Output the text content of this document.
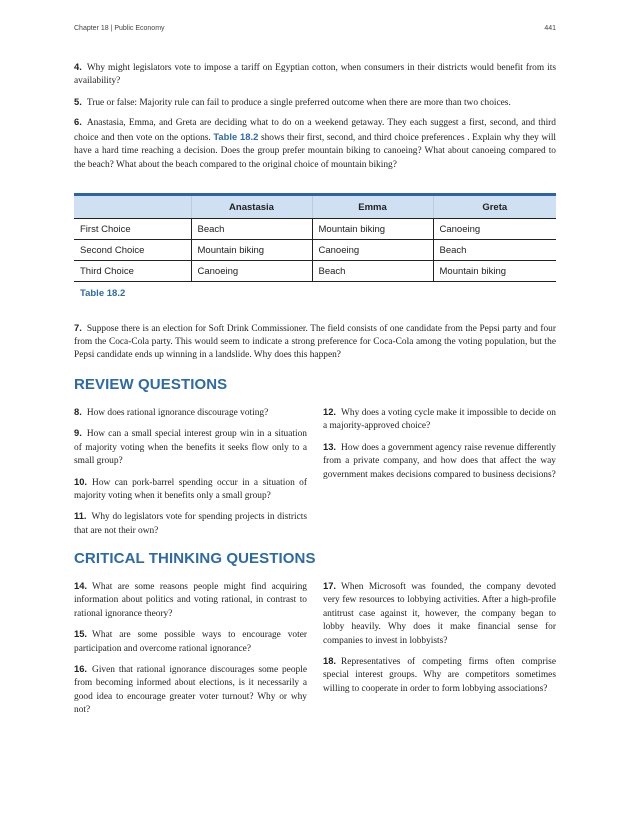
Chapter 18 | Public Economy	441
4. Why might legislators vote to impose a tariff on Egyptian cotton, when consumers in their districts would benefit from its availability?
5. True or false: Majority rule can fail to produce a single preferred outcome when there are more than two choices.
6. Anastasia, Emma, and Greta are deciding what to do on a weekend getaway. They each suggest a first, second, and third choice and then vote on the options. Table 18.2 shows their first, second, and third choice preferences . Explain why they will have a hard time reaching a decision. Does the group prefer mountain biking to canoeing? What about canoeing compared to the beach? What about the beach compared to the original choice of mountain biking?
	Anastasia	Emma	Greta
First Choice	Beach	Mountain biking	Canoeing
Second Choice	Mountain biking	Canoeing	Beach
Third Choice	Canoeing	Beach	Mountain biking
Table 18.2
7. Suppose there is an election for Soft Drink Commissioner. The field consists of one candidate from the Pepsi party and four from the Coca-Cola party. This would seem to indicate a strong preference for Coca-Cola among the voting population, but the Pepsi candidate ends up winning in a landslide. Why does this happen?
REVIEW QUESTIONS
8. How does rational ignorance discourage voting?
9. How can a small special interest group win in a situation of majority voting when the benefits it seeks flow only to a small group?
10. How can pork-barrel spending occur in a situation of majority voting when it benefits only a small group?
11. Why do legislators vote for spending projects in districts that are not their own?
12. Why does a voting cycle make it impossible to decide on a majority-approved choice?
13. How does a government agency raise revenue differently from a private company, and how does that affect the way government makes decisions compared to business decisions?
CRITICAL THINKING QUESTIONS
14. What are some reasons people might find acquiring information about politics and voting rational, in contrast to rational ignorance theory?
15. What are some possible ways to encourage voter participation and overcome rational ignorance?
16. Given that rational ignorance discourages some people from becoming informed about elections, is it necessarily a good idea to encourage greater voter turnout? Why or why not?
17. When Microsoft was founded, the company devoted very few resources to lobbying activities. After a high-profile antitrust case against it, however, the company began to lobby heavily. Why does it make financial sense for companies to invest in lobbyists?
18. Representatives of competing firms often comprise special interest groups. Why are competitors sometimes willing to cooperate in order to form lobbying associations?
